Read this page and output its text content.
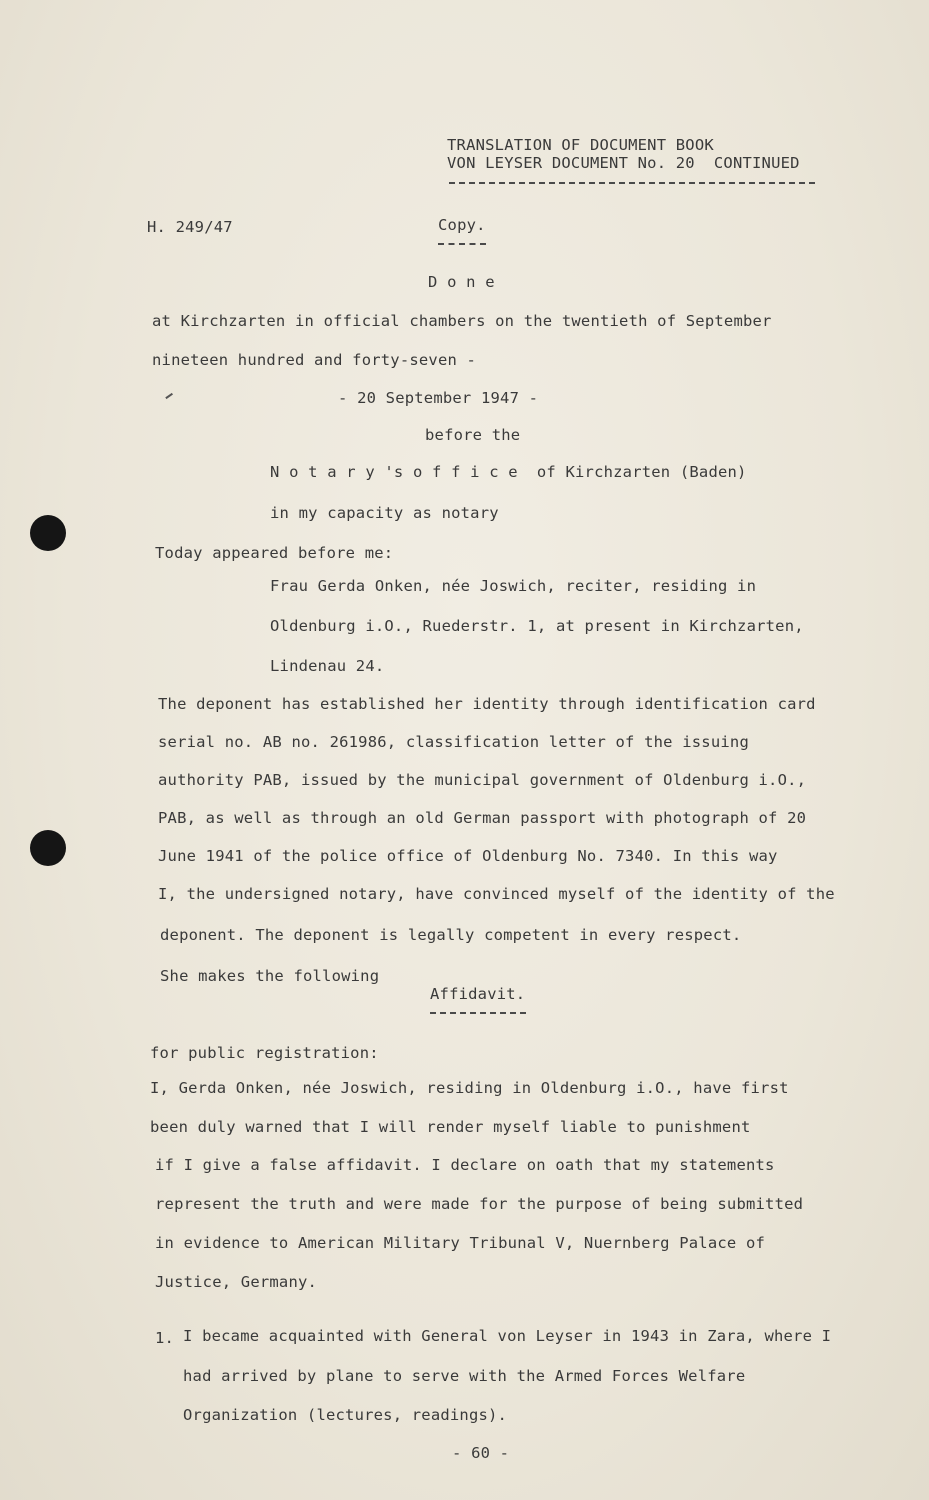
TRANSLATION OF DOCUMENT BOOK
VON LEYSER DOCUMENT No. 20  CONTINUED
H. 249/47	Copy.
D o n e
at Kirchzarten in official chambers on the twentieth of September
nineteen hundred and forty-seven -
- 20 September 1947 -
before the
N o t a r y 's o f f i c e  of Kirchzarten (Baden)
in my capacity as notary
Today appeared before me:
Frau Gerda Onken, née Joswich, reciter, residing in
Oldenburg i.O., Ruederstr. 1, at present in Kirchzarten,
Lindenau 24.
The deponent has established her identity through identification card
serial no. AB no. 261986, classification letter of the issuing
authority PAB, issued by the municipal government of Oldenburg i.O.,
PAB, as well as through an old German passport with photograph of 20
June 1941 of the police office of Oldenburg No. 7340. In this way
I, the undersigned notary, have convinced myself of the identity of the
deponent. The deponent is legally competent in every respect.
She makes the following
Affidavit.
for public registration:
I, Gerda Onken, née Joswich, residing in Oldenburg i.O., have first
been duly warned that I will render myself liable to punishment
if I give a false affidavit. I declare on oath that my statements
represent the truth and were made for the purpose of being submitted
in evidence to American Military Tribunal V, Nuernberg Palace of
Justice, Germany.
1. I became acquainted with General von Leyser in 1943 in Zara, where I
had arrived by plane to serve with the Armed Forces Welfare
Organization (lectures, readings).
- 60 -
